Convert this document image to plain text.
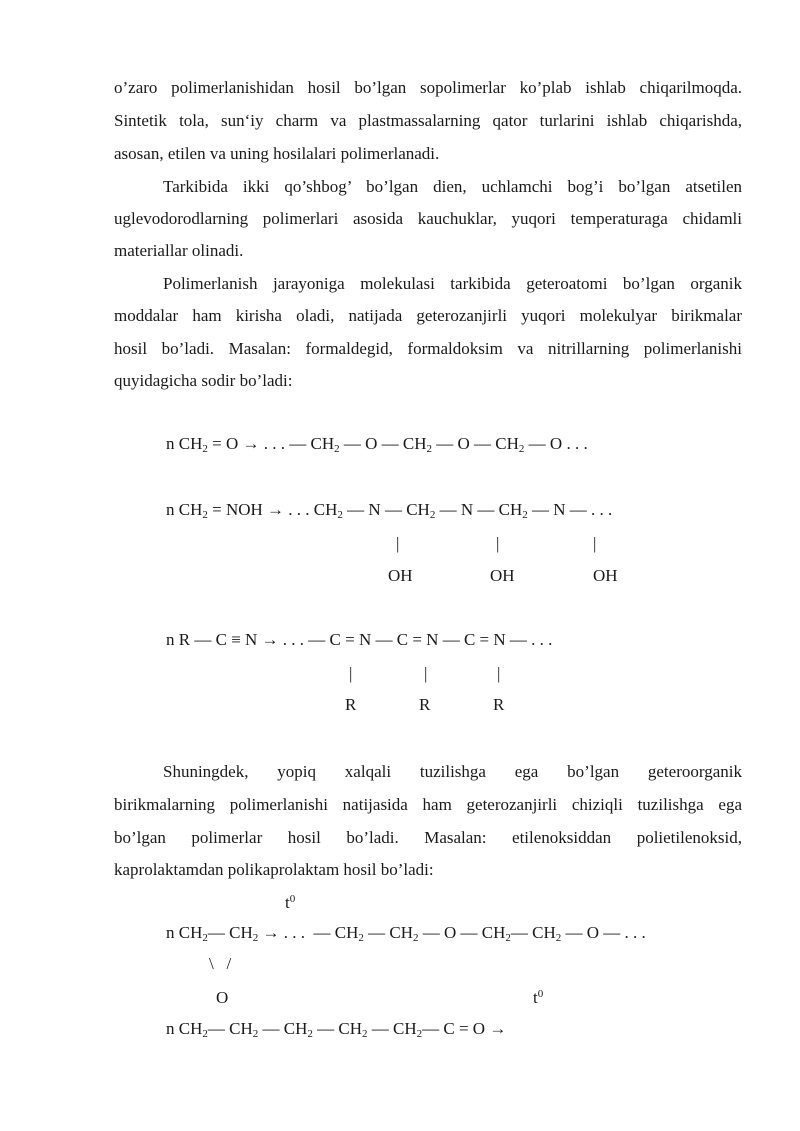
o’zaro polimerlanishidan hosil bo’lgan sopolimerlar ko’plab ishlab chiqarilmoqda.
Sintetik tola, sun‘iy charm va plastmassalarning qator turlarini ishlab chiqarishda,
asosan, etilen va uning hosilalari polimerlanadi.
Tarkibida ikki qo’shbog’ bo’lgan dien, uchlamchi bog’i bo’lgan atsetilen
uglevodorodlarning polimerlari asosida kauchuklar, yuqori temperaturaga chidamli
materiallar olinadi.
Polimerlanish jarayoniga molekulasi tarkibida geteroatomi bo’lgan organik
moddalar ham kirisha oladi, natijada geterozanjirli yuqori molekulyar birikmalar
hosil bo’ladi. Masalan: formaldegid, formaldoksim va nitrillarning polimerlanishi
quyidagicha sodir bo’ladi:
n $CH_2 = O$ → . . . — $CH_2$ — O — $CH_2$ — O — $CH_2$ — O . . .
n $CH_2$ = NOH → . . . $CH_2$ — N — $CH_2$ — N — $CH_2$ — N — . . .
|	|	|
OH	OH	OH
n R — C ≡ N → . . . — C = N — C = N — C = N — . . .
|	|	|
R	R	R
Shuningdek, yopiq xalqali tuzilishga ega bo’lgan geteroorganik
birikmalarning polimerlanishi natijasida ham geterozanjirli chiziqli tuzilishga ega
bo’lgan polimerlar hosil bo’ladi. Masalan: etilenoksiddan polietilenoksid,
kaprolaktamdan polikaprolaktam hosil bo’ladi:
$t^0$
n $CH_2—$ $CH_2$ → . . .  — $CH_2$ — $CH_2$ — O — $CH_2—$ $CH_2$ — O — . . .
\   /
O	$t^0$
n $CH_2—$ $CH_2$ — $CH_2$ — $CH_2$ — $CH_2—$ C = O →
